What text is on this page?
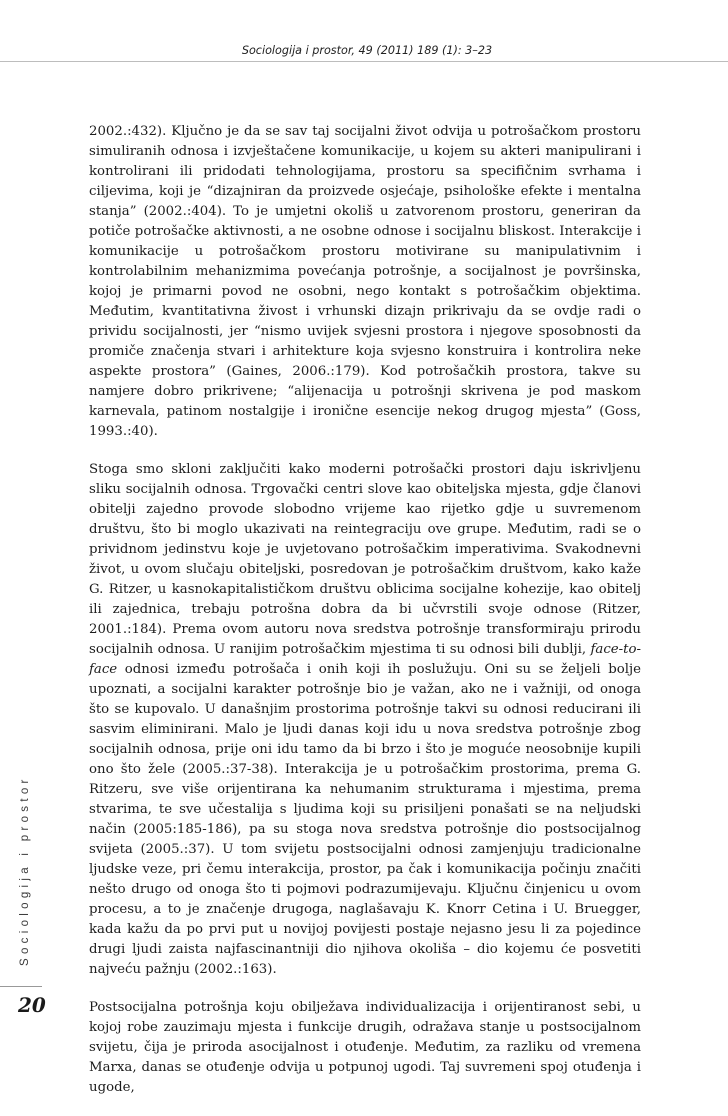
Sociologija i prostor, 49 (2011) 189 (1): 3–23

2002.:432). Ključno je da se sav taj socijalni život odvija u potrošačkom prostoru simuliranih odnosa i izvještačene komunikacije, u kojem su akteri manipulirani i kontrolirani ili pridodati tehnologijama, prostoru sa specifičnim svrhama i ciljevima, koji je “dizajniran da proizvede osjećaje, psihološke efekte i mentalna stanja” (2002.:404). To je umjetni okoliš u zatvorenom prostoru, generiran da potiče potrošačke aktivnosti, a ne osobne odnose i socijalnu bliskost. Interakcije i komunikacije u potrošačkom prostoru motivirane su manipulativnim i kontrolabilnim mehanizmima povećanja potrošnje, a socijalnost je površinska, kojoj je primarni povod ne osobni, nego kontakt s potrošačkim objektima. Međutim, kvantitativna živost i vrhunski dizajn prikrivaju da se ovdje radi o prividu socijalnosti, jer “nismo uvijek svjesni prostora i njegove sposobnosti da promiče značenja stvari i arhitekture koja svjesno konstruira i kontrolira neke aspekte prostora” (Gaines, 2006.:179). Kod potrošačkih prostora, takve su namjere dobro prikrivene; “alijenacija u potrošnji skrivena je pod maskom karnevala, patinom nostalgije i ironične esencije nekog drugog mjesta” (Goss, 1993.:40).

Stoga smo skloni zaključiti kako moderni potrošački prostori daju iskrivljenu sliku socijalnih odnosa. Trgovački centri slove kao obiteljska mjesta, gdje članovi obitelji zajedno provode slobodno vrijeme kao rijetko gdje u suvremenom društvu, što bi moglo ukazivati na reintegraciju ove grupe. Međutim, radi se o prividnom jedinstvu koje je uvjetovano potrošačkim imperativima. Svakodnevni život, u ovom slučaju obiteljski, posredovan je potrošačkim društvom, kako kaže G. Ritzer, u kasnokapitalističkom društvu oblicima socijalne kohezije, kao obitelj ili zajednica, trebaju potrošna dobra da bi učvrstili svoje odnose (Ritzer, 2001.:184). Prema ovom autoru nova sredstva potrošnje transformiraju prirodu socijalnih odnosa. U ranijim potrošačkim mjestima ti su odnosi bili dublji, face-to-face odnosi između potrošača i onih koji ih poslužuju. Oni su se željeli bolje upoznati, a socijalni karakter potrošnje bio je važan, ako ne i važniji, od onoga što se kupovalo. U današnjim prostorima potrošnje takvi su odnosi reducirani ili sasvim eliminirani. Malo je ljudi danas koji idu u nova sredstva potrošnje zbog socijalnih odnosa, prije oni idu tamo da bi brzo i što je moguće neosobnije kupili ono što žele (2005.:37-38). Interakcija je u potrošačkim prostorima, prema G. Ritzeru, sve više orijentirana ka nehumanim strukturama i mjestima, prema stvarima, te sve učestalija s ljudima koji su prisiljeni ponašati se na neljudski način (2005:185-186), pa su stoga nova sredstva potrošnje dio postsocijalnog svijeta (2005.:37). U tom svijetu postsocijalni odnosi zamjenjuju tradicionalne ljudske veze, pri čemu interakcija, prostor, pa čak i komunikacija počinju značiti nešto drugo od onoga što ti pojmovi podrazumijevaju. Ključnu činjenicu u ovom procesu, a to je značenje drugoga, naglašavaju K. Knorr Cetina i U. Bruegger, kada kažu da po prvi put u novijoj povijesti postaje nejasno jesu li za pojedince drugi ljudi zaista najfascinantniji dio njihova okoliša – dio kojemu će posvetiti najveću pažnju (2002.:163).

Postsocijalna potrošnja koju obilježava individualizacija i orijentiranost sebi, u kojoj robe zauzimaju mjesta i funkcije drugih, odražava stanje u postsocijalnom svijetu, čija je priroda asocijalnost i otuđenje. Međutim, za razliku od vremena Marxa, danas se otuđenje odvija u potpunoj ugodi. Taj suvremeni spoj otuđenja i ugode,

Sociologija i prostor
20
